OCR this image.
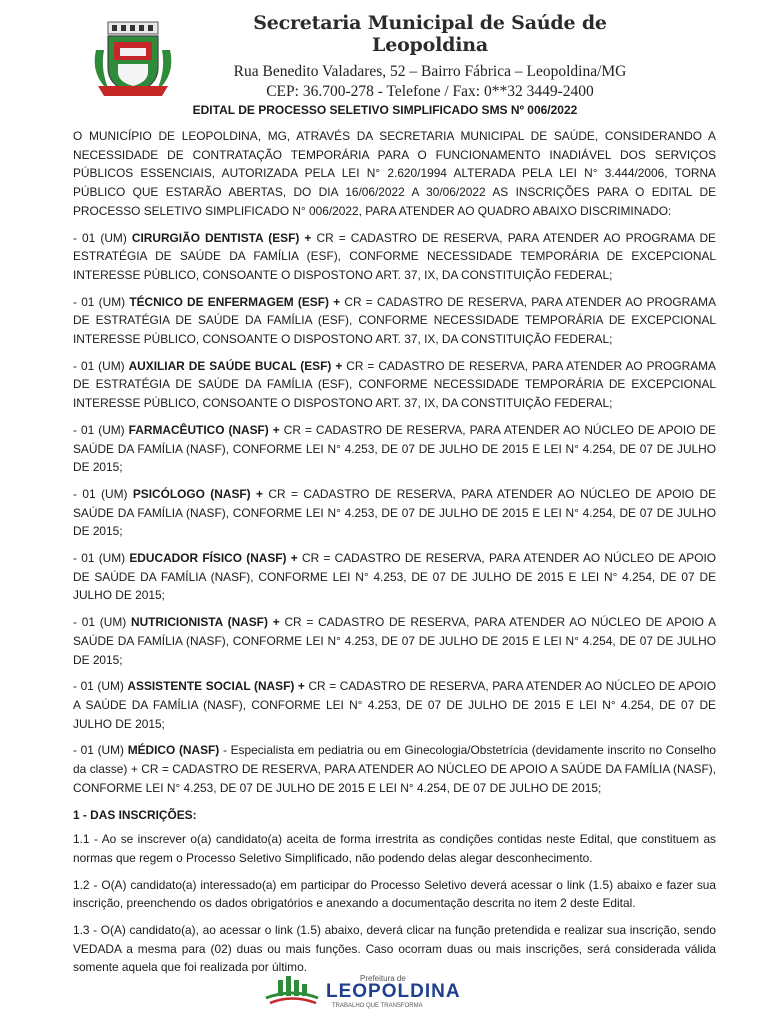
Secretaria Municipal de Saúde de Leopoldina
Rua Benedito Valadares, 52 – Bairro Fábrica – Leopoldina/MG
CEP: 36.700-278 - Telefone / Fax: 0**32 3449-2400
EDITAL DE PROCESSO SELETIVO SIMPLIFICADO SMS Nº 006/2022

O MUNICÍPIO DE LEOPOLDINA, MG, ATRAVÉS DA SECRETARIA MUNICIPAL DE SAÚDE, CONSIDERANDO A NECESSIDADE DE CONTRATAÇÃO TEMPORÁRIA PARA O FUNCIONAMENTO INADIÁVEL DOS SERVIÇOS PÚBLICOS ESSENCIAIS, AUTORIZADA PELA LEI N° 2.620/1994 ALTERADA PELA LEI N° 3.444/2006, TORNA PÚBLICO QUE ESTARÃO ABERTAS, DO DIA 16/06/2022 A 30/06/2022 AS INSCRIÇÕES PARA O EDITAL DE PROCESSO SELETIVO SIMPLIFICADO N° 006/2022, PARA ATENDER AO QUADRO ABAIXO DISCRIMINADO:

- 01 (UM) CIRURGIÃO DENTISTA (ESF) + CR = CADASTRO DE RESERVA, PARA ATENDER AO PROGRAMA DE ESTRATÉGIA DE SAÚDE DA FAMÍLIA (ESF), CONFORME NECESSIDADE TEMPORÁRIA DE EXCEPCIONAL INTERESSE PÚBLICO, CONSOANTE O DISPOSTONO ART. 37, IX, DA CONSTITUIÇÃO FEDERAL;

- 01 (UM) TÉCNICO DE ENFERMAGEM (ESF) + CR = CADASTRO DE RESERVA, PARA ATENDER AO PROGRAMA DE ESTRATÉGIA DE SAÚDE DA FAMÍLIA (ESF), CONFORME NECESSIDADE TEMPORÁRIA DE EXCEPCIONAL INTERESSE PÚBLICO, CONSOANTE O DISPOSTONO ART. 37, IX, DA CONSTITUIÇÃO FEDERAL;

- 01 (UM) AUXILIAR DE SAÚDE BUCAL (ESF) + CR = CADASTRO DE RESERVA, PARA ATENDER AO PROGRAMA DE ESTRATÉGIA DE SAÚDE DA FAMÍLIA (ESF), CONFORME NECESSIDADE TEMPORÁRIA DE EXCEPCIONAL INTERESSE PÚBLICO, CONSOANTE O DISPOSTONO ART. 37, IX, DA CONSTITUIÇÃO FEDERAL;

- 01 (UM) FARMACÊUTICO (NASF) + CR = CADASTRO DE RESERVA, PARA ATENDER AO NÚCLEO DE APOIO DE SAÚDE DA FAMÍLIA (NASF), CONFORME LEI N° 4.253, DE 07 DE JULHO DE 2015 E LEI N° 4.254, DE 07 DE JULHO DE 2015;

- 01 (UM) PSICÓLOGO (NASF) + CR = CADASTRO DE RESERVA, PARA ATENDER AO NÚCLEO DE APOIO DE SAÚDE DA FAMÍLIA (NASF), CONFORME LEI N° 4.253, DE 07 DE JULHO DE 2015 E LEI N° 4.254, DE 07 DE JULHO DE 2015;

- 01 (UM) EDUCADOR FÍSICO (NASF) + CR = CADASTRO DE RESERVA, PARA ATENDER AO NÚCLEO DE APOIO DE SAÚDE DA FAMÍLIA (NASF), CONFORME LEI N° 4.253, DE 07 DE JULHO DE 2015 E LEI N° 4.254, DE 07 DE JULHO DE 2015;

- 01 (UM) NUTRICIONISTA (NASF) + CR = CADASTRO DE RESERVA, PARA ATENDER AO NÚCLEO DE APOIO A SAÚDE DA FAMÍLIA (NASF), CONFORME LEI N° 4.253, DE 07 DE JULHO DE 2015 E LEI N° 4.254, DE 07 DE JULHO DE 2015;

- 01 (UM) ASSISTENTE SOCIAL (NASF) + CR = CADASTRO DE RESERVA, PARA ATENDER AO NÚCLEO DE APOIO A SAÚDE DA FAMÍLIA (NASF), CONFORME LEI N° 4.253, DE 07 DE JULHO DE 2015 E LEI N° 4.254, DE 07 DE JULHO DE 2015;

- 01 (UM) MÉDICO (NASF) - Especialista em pediatria ou em Ginecologia/Obstetrícia (devidamente inscrito no Conselho da classe) + CR = CADASTRO DE RESERVA, PARA ATENDER AO NÚCLEO DE APOIO A SAÚDE DA FAMÍLIA (NASF), CONFORME LEI N° 4.253, DE 07 DE JULHO DE 2015 E LEI N° 4.254, DE 07 DE JULHO DE 2015;

1 - DAS INSCRIÇÕES:

1.1 - Ao se inscrever o(a) candidato(a) aceita de forma irrestrita as condições contidas neste Edital, que constituem as normas que regem o Processo Seletivo Simplificado, não podendo delas alegar desconhecimento.

1.2 - O(A) candidato(a) interessado(a) em participar do Processo Seletivo deverá acessar o link (1.5) abaixo e fazer sua inscrição, preenchendo os dados obrigatórios e anexando a documentação descrita no item 2 deste Edital.

1.3 - O(A) candidato(a), ao acessar o link (1.5) abaixo, deverá clicar na função pretendida e realizar sua inscrição, sendo VEDADA a mesma para (02) duas ou mais funções. Caso ocorram duas ou mais inscrições, será considerada válida somente aquela que foi realizada por último.

Prefeitura de
LEOPOLDINA
TRABALHO QUE TRANSFORMA
